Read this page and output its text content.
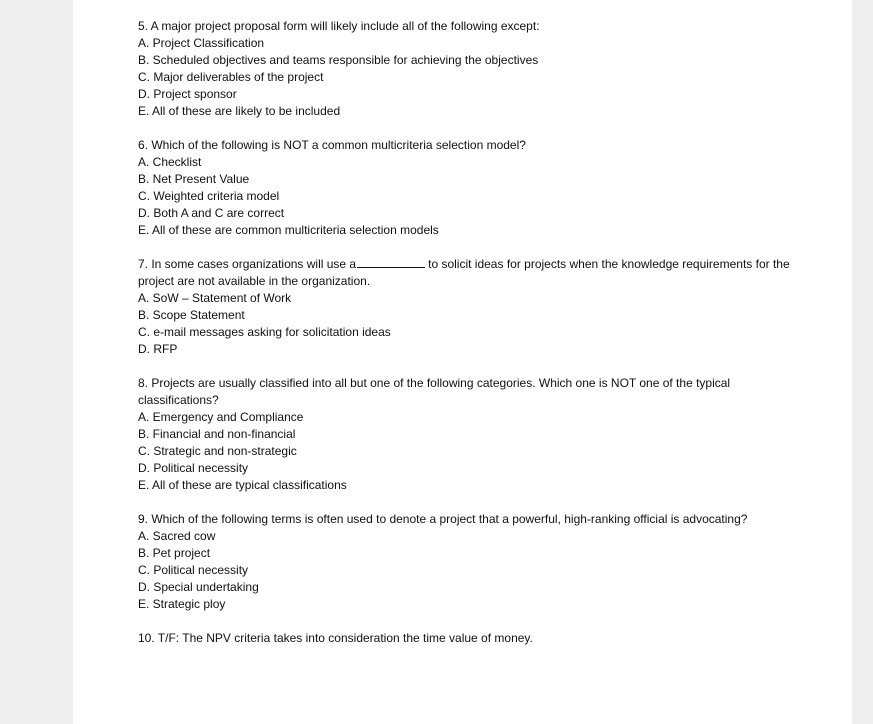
5. A major project proposal form will likely include all of the following except:
A. Project Classification
B. Scheduled objectives and teams responsible for achieving the objectives
C. Major deliverables of the project
D. Project sponsor
E. All of these are likely to be included
6. Which of the following is NOT a common multicriteria selection model?
A. Checklist
B. Net Present Value
C. Weighted criteria model
D. Both A and C are correct
E. All of these are common multicriteria selection models
7. In some cases organizations will use a	to solicit ideas for projects when the knowledge requirements for the project are not available in the organization.
A. SoW – Statement of Work
B. Scope Statement
C. e-mail messages asking for solicitation ideas
D. RFP
8. Projects are usually classified into all but one of the following categories. Which one is NOT one of the typical classifications?
A. Emergency and Compliance
B. Financial and non-financial
C. Strategic and non-strategic
D. Political necessity
E. All of these are typical classifications
9. Which of the following terms is often used to denote a project that a powerful, high-ranking official is advocating?
A. Sacred cow
B. Pet project
C. Political necessity
D. Special undertaking
E. Strategic ploy
10. T/F: The NPV criteria takes into consideration the time value of money.
